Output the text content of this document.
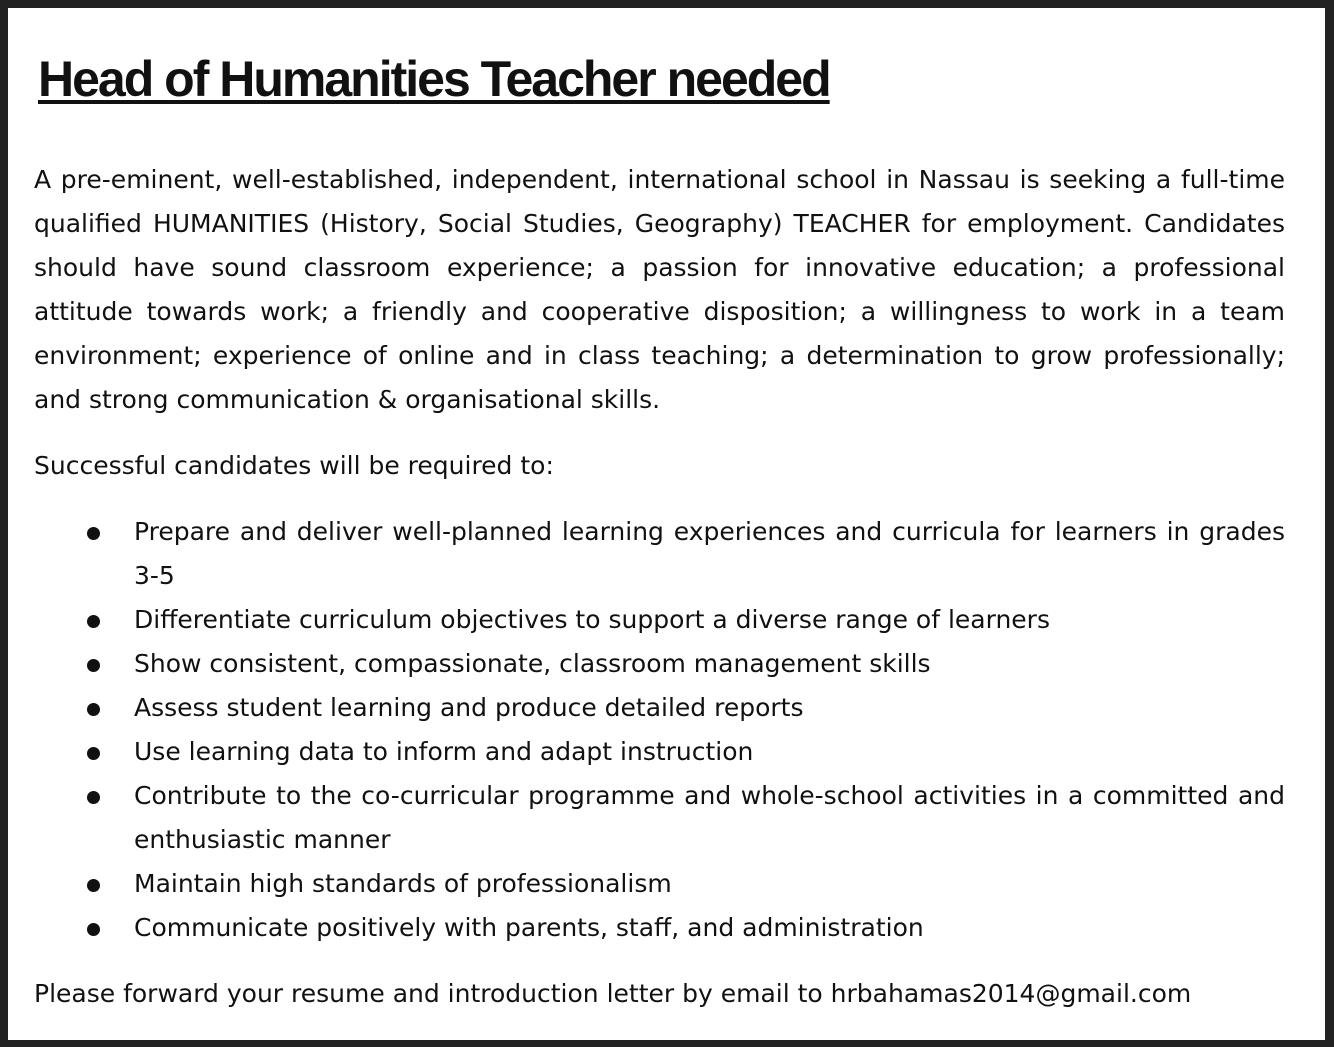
Head of Humanities Teacher needed

A pre-eminent, well-established, independent, international school in Nassau is seeking a full-time qualified HUMANITIES (History, Social Studies, Geography) TEACHER for employment. Candidates should have sound classroom experience; a passion for innovative education; a professional attitude towards work; a friendly and cooperative disposition; a willingness to work in a team environment; experience of online and in class teaching; a determination to grow professionally; and strong communication & organisational skills.

Successful candidates will be required to:

Prepare and deliver well-planned learning experiences and curricula for learners in grades 3-5
Differentiate curriculum objectives to support a diverse range of learners
Show consistent, compassionate, classroom management skills
Assess student learning and produce detailed reports
Use learning data to inform and adapt instruction
Contribute to the co-curricular programme and whole-school activities in a committed and enthusiastic manner
Maintain high standards of professionalism
Communicate positively with parents, staff, and administration

Please forward your resume and introduction letter by email to hrbahamas2014@gmail.com
